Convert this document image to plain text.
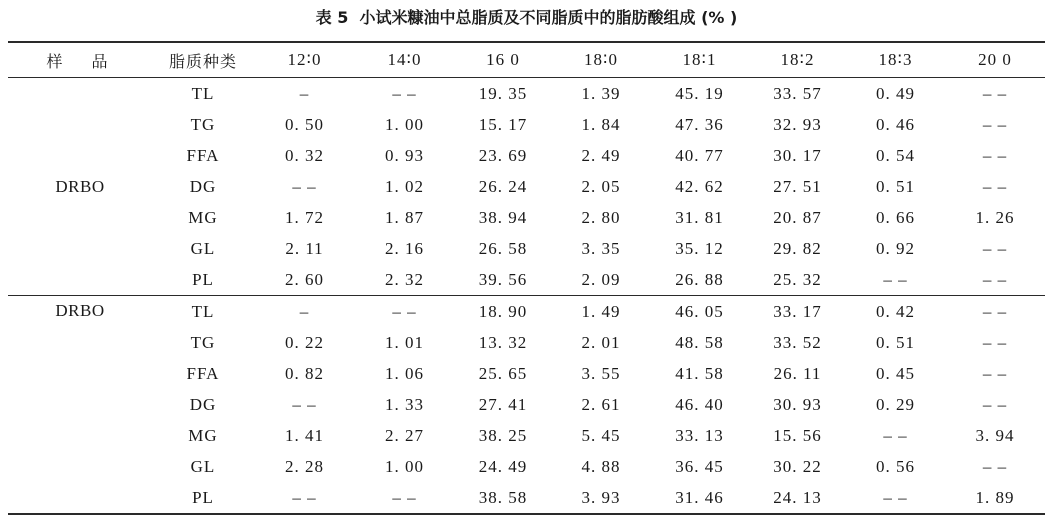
表 5  小试米糠油中总脂质及不同脂质中的脂肪酸组成 (% )
样 品	脂质种类	12∶0	14∶0	16 0	18∶0	18∶1	18∶2	18∶3	20 0
DRBO	TL	–	– –	19. 35	1. 39	45. 19	33. 57	0. 49	– –
	TG	0. 50	1. 00	15. 17	1. 84	47. 36	32. 93	0. 46	– –
	FFA	0. 32	0. 93	23. 69	2. 49	40. 77	30. 17	0. 54	– –
	DG	– –	1. 02	26. 24	2. 05	42. 62	27. 51	0. 51	– –
	MG	1. 72	1. 87	38. 94	2. 80	31. 81	20. 87	0. 66	1. 26
	GL	2. 11	2. 16	26. 58	3. 35	35. 12	29. 82	0. 92	– –
	PL	2. 60	2. 32	39. 56	2. 09	26. 88	25. 32	– –	– –
DRBO	TL	–	– –	18. 90	1. 49	46. 05	33. 17	0. 42	– –
	TG	0. 22	1. 01	13. 32	2. 01	48. 58	33. 52	0. 51	– –
	FFA	0. 82	1. 06	25. 65	3. 55	41. 58	26. 11	0. 45	– –
	DG	– –	1. 33	27. 41	2. 61	46. 40	30. 93	0. 29	– –
	MG	1. 41	2. 27	38. 25	5. 45	33. 13	15. 56	– –	3. 94
	GL	2. 28	1. 00	24. 49	4. 88	36. 45	30. 22	0. 56	– –
	PL	– –	– –	38. 58	3. 93	31. 46	24. 13	– –	1. 89
